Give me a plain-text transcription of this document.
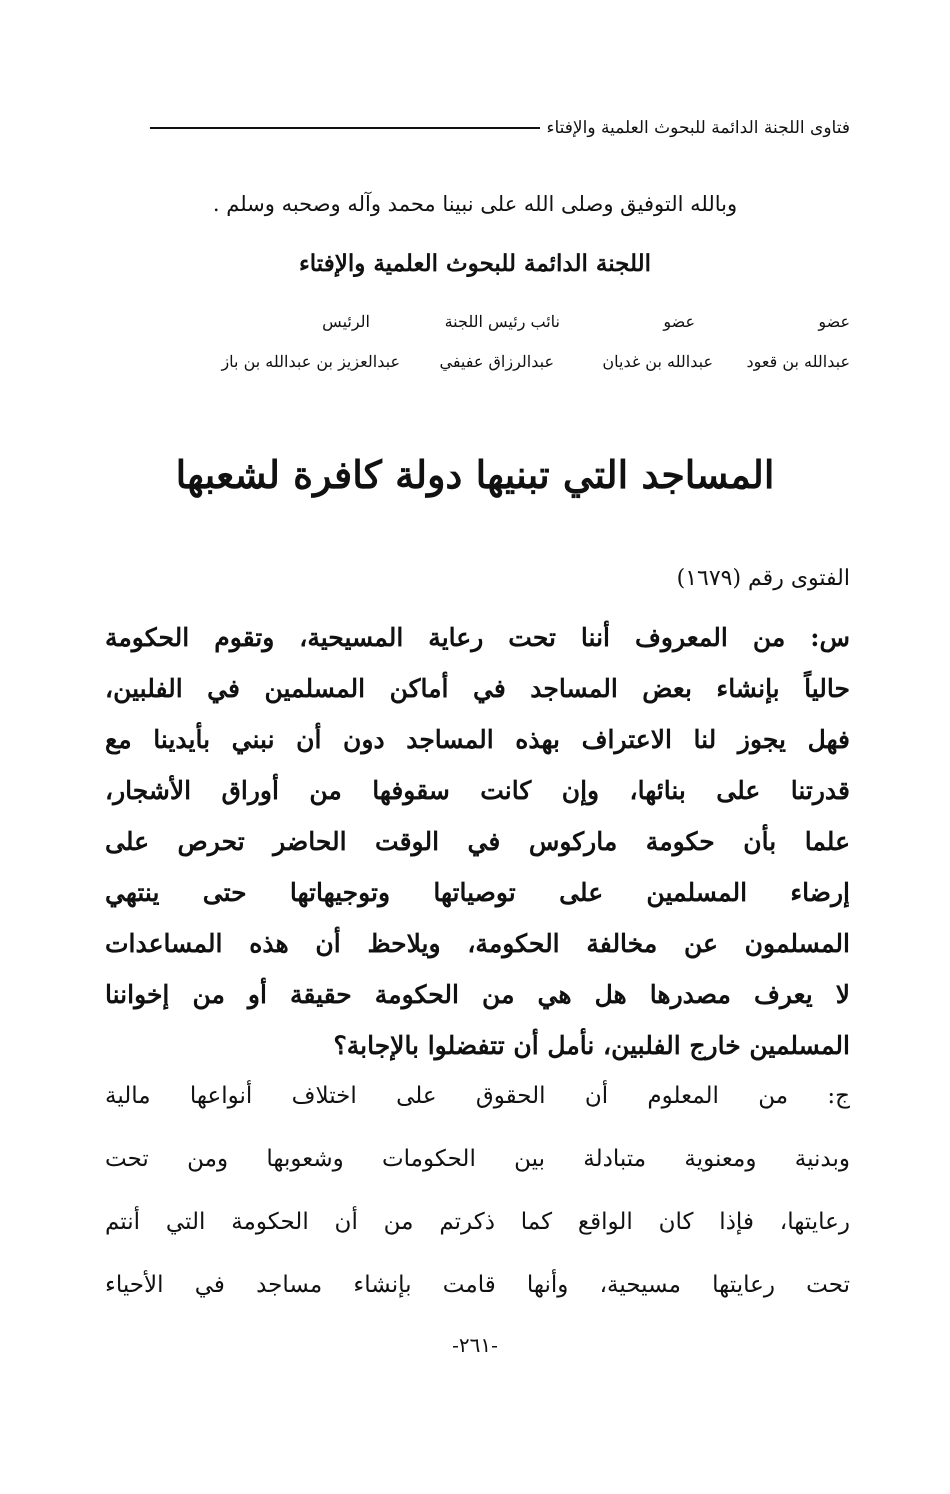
فتاوى اللجنة الدائمة للبحوث العلمية والإفتاء
وبالله التوفيق وصلى الله على نبينا محمد وآله وصحبه وسلم .
اللجنة الدائمة للبحوث العلمية والإفتاء
عضو
عضو
نائب رئيس اللجنة
الرئيس
عبدالله بن قعود
عبدالله بن غديان
عبدالرزاق عفيفي
عبدالعزيز بن عبدالله بن باز
المساجد التي تبنيها دولة كافرة لشعبها
الفتوى رقم (١٦٧٩)
س: من المعروف أننا تحت رعاية المسيحية، وتقوم الحكومة
حالياً بإنشاء بعض المساجد في أماكن المسلمين في الفلبين،
فهل يجوز لنا الاعتراف بهذه المساجد دون أن نبني بأيدينا مع
قدرتنا على بنائها، وإن كانت سقوفها من أوراق الأشجار،
علما بأن حكومة ماركوس في الوقت الحاضر تحرص على
إرضاء المسلمين على توصياتها وتوجيهاتها حتى ينتهي
المسلمون عن مخالفة الحكومة، ويلاحظ أن هذه المساعدات
لا يعرف مصدرها هل هي من الحكومة حقيقة أو من إخواننا
المسلمين خارج الفلبين، نأمل أن تتفضلوا بالإجابة؟
ج: من المعلوم أن الحقوق على اختلاف أنواعها مالية
وبدنية ومعنوية متبادلة بين الحكومات وشعوبها ومن تحت
رعايتها، فإذا كان الواقع كما ذكرتم من أن الحكومة التي أنتم
تحت رعايتها مسيحية، وأنها قامت بإنشاء مساجد في الأحياء
-٢٦١-
